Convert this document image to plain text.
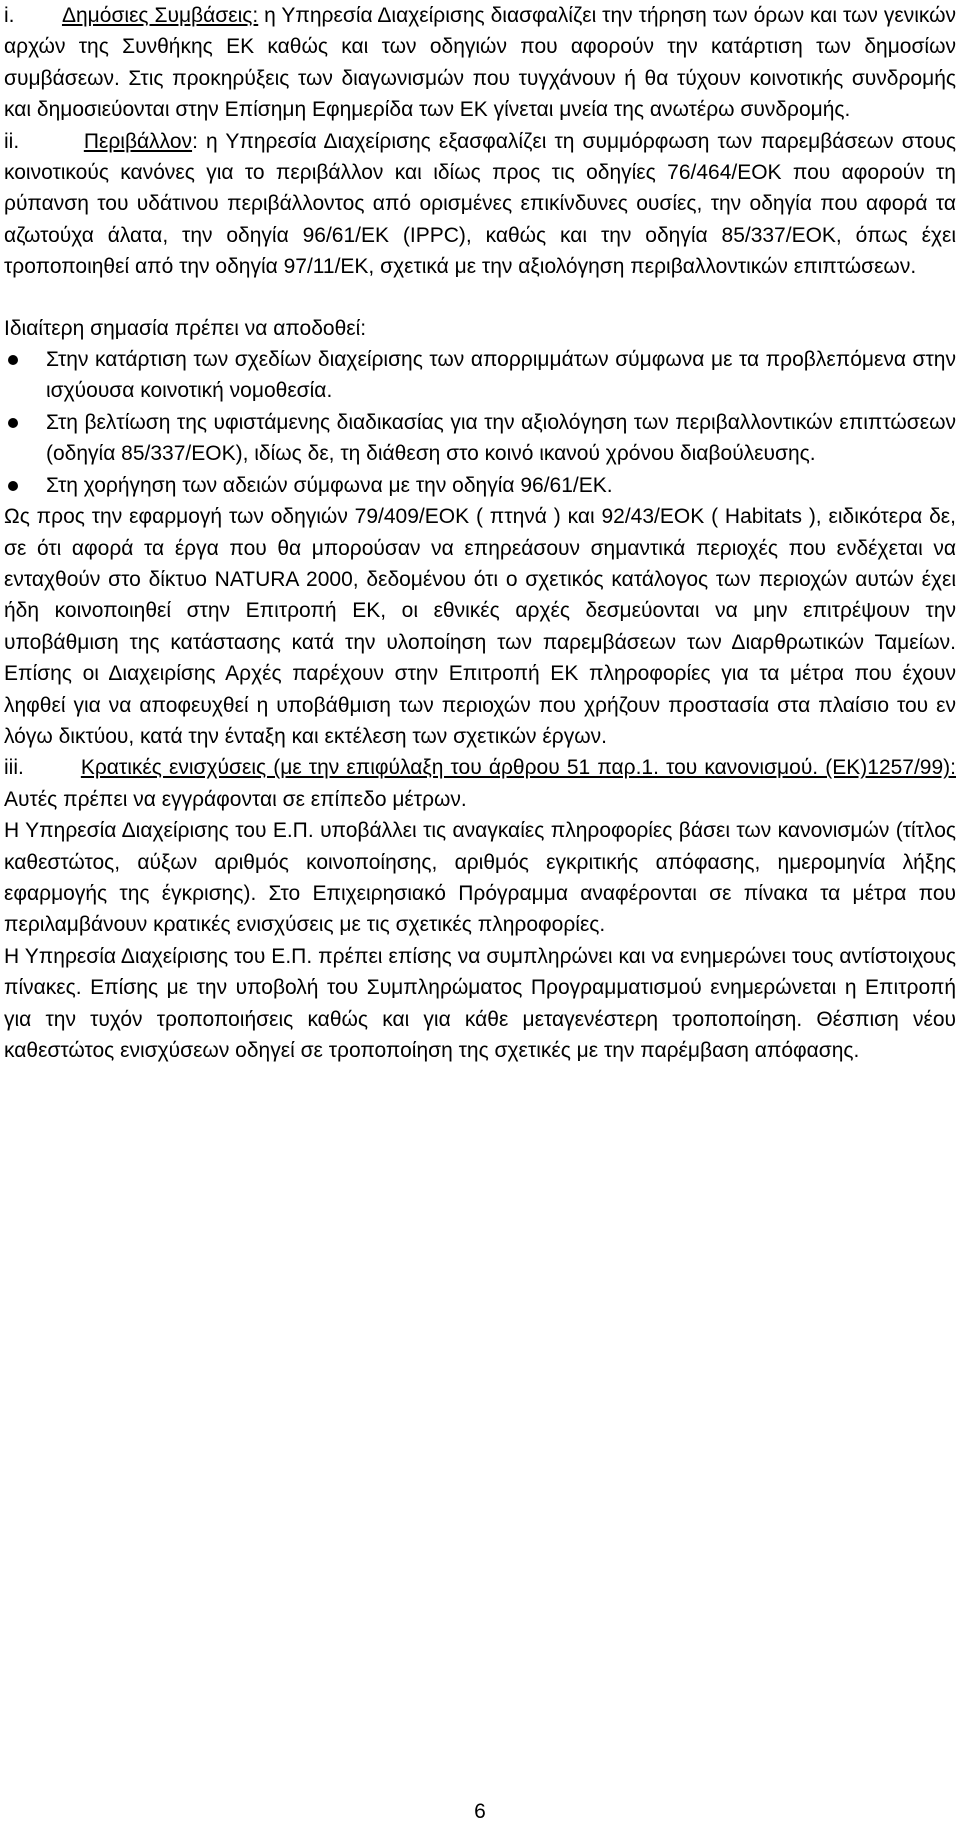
i. Δημόσιες Συμβάσεις: η Υπηρεσία Διαχείρισης διασφαλίζει την τήρηση των όρων και των γενικών αρχών της Συνθήκης ΕΚ καθώς και των οδηγιών που αφορούν την κατάρτιση των δημοσίων συμβάσεων. Στις προκηρύξεις των διαγωνισμών που τυγχάνουν ή θα τύχουν κοινοτικής συνδρομής και δημοσιεύονται στην Επίσημη Εφημερίδα των ΕΚ γίνεται μνεία της ανωτέρω συνδρομής.

ii.	Περιβάλλον: η Υπηρεσία Διαχείρισης εξασφαλίζει τη συμμόρφωση των παρεμβάσεων στους κοινοτικούς κανόνες για το περιβάλλον και ιδίως προς τις οδηγίες 76/464/ΕΟΚ που αφορούν τη ρύπανση του υδάτινου περιβάλλοντος από ορισμένες επικίνδυνες ουσίες, την οδηγία που αφορά τα αζωτούχα άλατα, την οδηγία 96/61/ΕΚ (IPPC), καθώς και την οδηγία 85/337/ΕΟΚ, όπως έχει τροποποιηθεί από την οδηγία 97/11/ΕΚ, σχετικά με την αξιολόγηση περιβαλλοντικών επιπτώσεων.

Ιδιαίτερη σημασία πρέπει να αποδοθεί:

Στην κατάρτιση των σχεδίων διαχείρισης των απορριμμάτων σύμφωνα με τα προβλεπόμενα στην ισχύουσα κοινοτική νομοθεσία.
Στη βελτίωση της υφιστάμενης διαδικασίας για την αξιολόγηση των περιβαλλοντικών επιπτώσεων (οδηγία 85/337/ΕΟΚ), ιδίως δε, τη διάθεση στο κοινό ικανού χρόνου διαβούλευσης.
Στη χορήγηση των αδειών σύμφωνα με την οδηγία 96/61/ΕΚ.

Ως προς την εφαρμογή των οδηγιών 79/409/ΕΟΚ ( πτηνά ) και 92/43/ΕΟΚ ( Habitats ), ειδικότερα δε, σε ότι αφορά τα έργα που θα μπορούσαν να επηρεάσουν σημαντικά περιοχές που ενδέχεται να ενταχθούν στο δίκτυο NATURA 2000, δεδομένου ότι ο σχετικός κατάλογος των περιοχών αυτών έχει ήδη κοινοποιηθεί στην Επιτροπή ΕΚ, οι εθνικές αρχές δεσμεύονται να μην επιτρέψουν την υποβάθμιση της κατάστασης κατά την υλοποίηση των παρεμβάσεων των Διαρθρωτικών Ταμείων. Επίσης οι Διαχειρίσης Αρχές παρέχουν στην Επιτροπή ΕΚ πληροφορίες για τα μέτρα που έχουν ληφθεί για να αποφευχθεί η υποβάθμιση των περιοχών που χρήζουν προστασία στα πλαίσιο του εν λόγω δικτύου, κατά την ένταξη και εκτέλεση των σχετικών έργων.

iii.	Κρατικές ενισχύσεις (με την επιφύλαξη του άρθρου 51 παρ.1. του κανονισμού. (ΕΚ)1257/99): Αυτές πρέπει να εγγράφονται σε επίπεδο μέτρων.

Η Υπηρεσία Διαχείρισης του Ε.Π. υποβάλλει τις αναγκαίες πληροφορίες βάσει των κανονισμών (τίτλος καθεστώτος, αύξων αριθμός κοινοποίησης, αριθμός εγκριτικής απόφασης, ημερομηνία λήξης εφαρμογής της έγκρισης). Στο Επιχειρησιακό Πρόγραμμα αναφέρονται σε πίνακα τα μέτρα που περιλαμβάνουν κρατικές ενισχύσεις με τις σχετικές πληροφορίες.

Η Υπηρεσία Διαχείρισης του Ε.Π. πρέπει επίσης να συμπληρώνει και να ενημερώνει τους αντίστοιχους πίνακες. Επίσης με την υποβολή του Συμπληρώματος Προγραμματισμού ενημερώνεται η Επιτροπή για την τυχόν τροποποιήσεις καθώς και για κάθε μεταγενέστερη τροποποίηση. Θέσπιση νέου καθεστώτος ενισχύσεων οδηγεί σε τροποποίηση της σχετικές με την παρέμβαση απόφασης.

6
